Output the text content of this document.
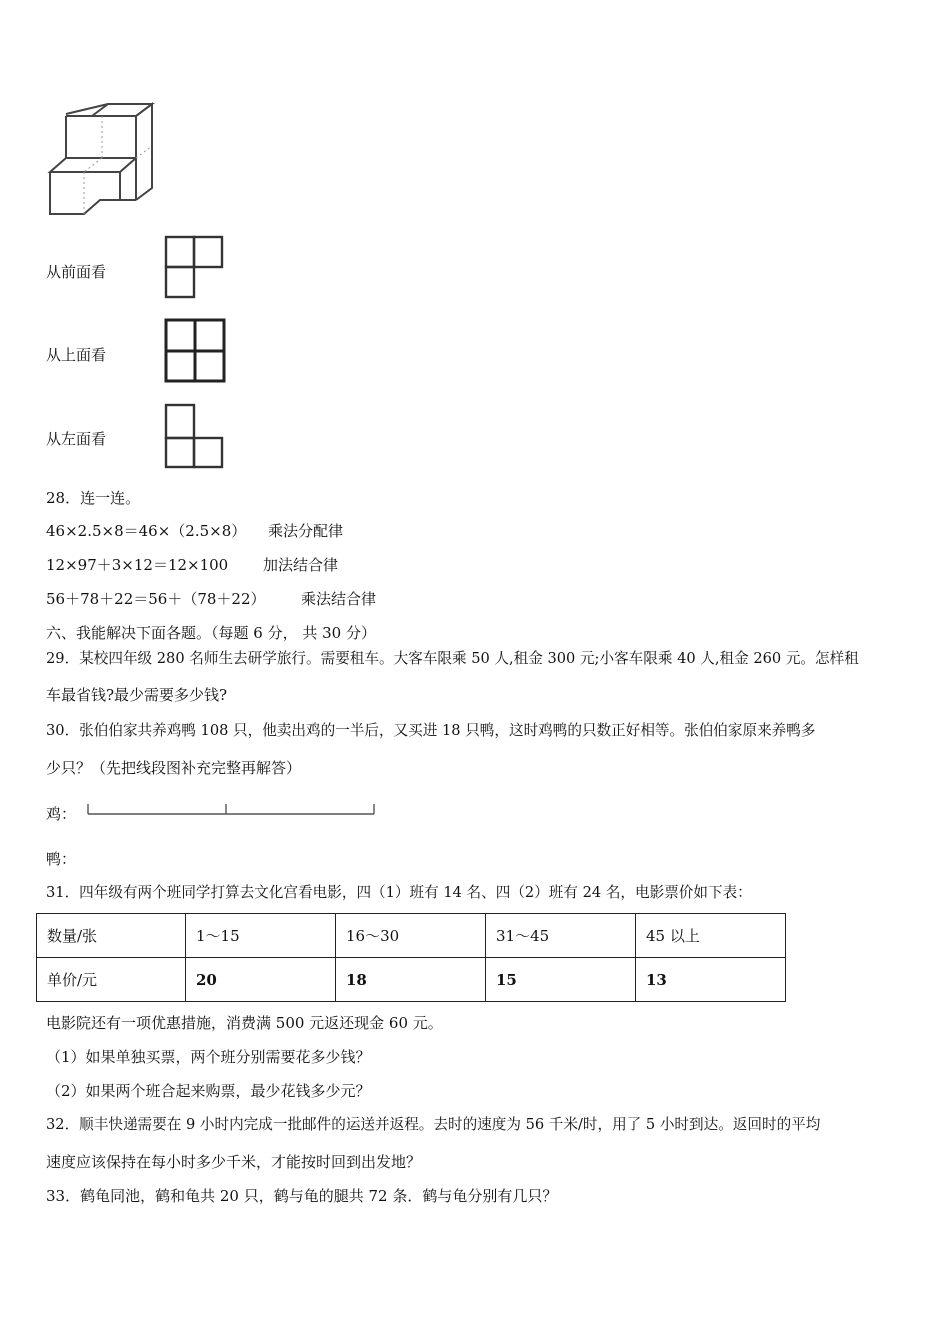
从前面看
从上面看
从左面看
28．连一连。
46×2.5×8＝46×（2.5×8） 乘法分配律
12×97＋3×12＝12×100 加法结合律
56＋78＋22＝56＋（78＋22） 乘法结合律
六、我能解决下面各题。（每题 6 分， 共 30 分）
29．某校四年级 280 名师生去研学旅行。需要租车。大客车限乘 50 人,租金 300 元;小客车限乘 40 人,租金 260 元。怎样租
车最省钱?最少需要多少钱?
30．张伯伯家共养鸡鸭 108 只，他卖出鸡的一半后，又买进 18 只鸭，这时鸡鸭的只数正好相等。张伯伯家原来养鸭多
少只？（先把线段图补充完整再解答）
鸡：
鸭：
31．四年级有两个班同学打算去文化宫看电影，四（1）班有 14 名、四（2）班有 24 名，电影票价如下表：
数量/张	1～15	16～30	31～45	45 以上
单价/元	20	18	15	13
电影院还有一项优惠措施，消费满 500 元返还现金 60 元。
（1）如果单独买票，两个班分别需要花多少钱？
（2）如果两个班合起来购票，最少花钱多少元？
32．顺丰快递需要在 9 小时内完成一批邮件的运送并返程。去时的速度为 56 千米/时，用了 5 小时到达。返回时的平均
速度应该保持在每小时多少千米，才能按时回到出发地？
33．鹤龟同池，鹤和龟共 20 只，鹤与龟的腿共 72 条．鹤与龟分别有几只？
